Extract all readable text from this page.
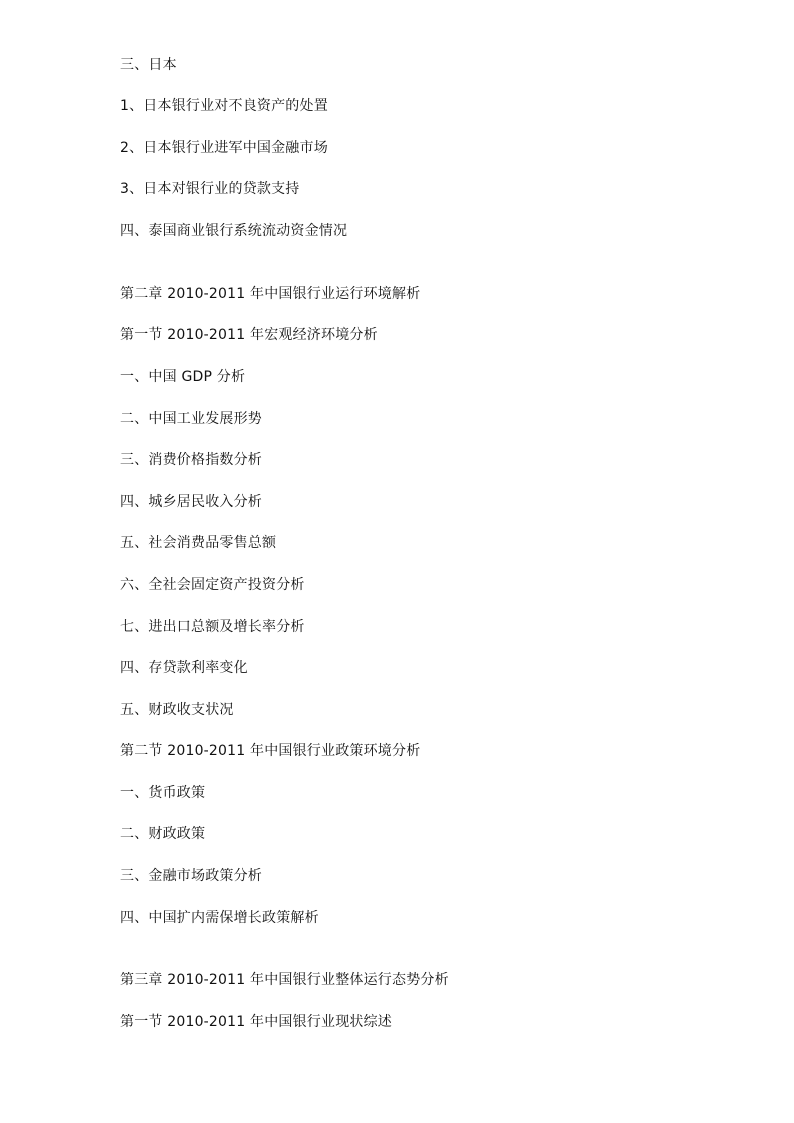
三、日本
1、日本银行业对不良资产的处置
2、日本银行业进军中国金融市场
3、日本对银行业的贷款支持
四、泰国商业银行系统流动资金情况
第二章 2010-2011 年中国银行业运行环境解析
第一节 2010-2011 年宏观经济环境分析
一、中国 GDP 分析
二、中国工业发展形势
三、消费价格指数分析
四、城乡居民收入分析
五、社会消费品零售总额
六、全社会固定资产投资分析
七、进出口总额及增长率分析
四、存贷款利率变化
五、财政收支状况
第二节 2010-2011 年中国银行业政策环境分析
一、货币政策
二、财政政策
三、金融市场政策分析
四、中国扩内需保增长政策解析
第三章 2010-2011 年中国银行业整体运行态势分析
第一节 2010-2011 年中国银行业现状综述
